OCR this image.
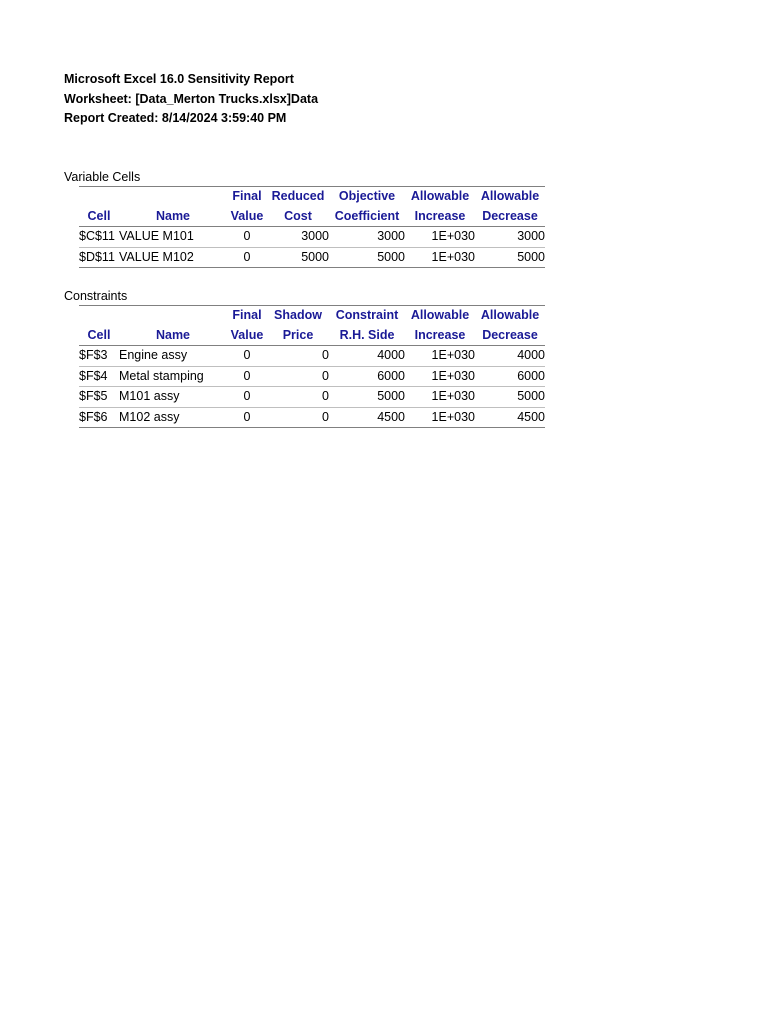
Microsoft Excel 16.0 Sensitivity Report
Worksheet: [Data_Merton Trucks.xlsx]Data
Report Created: 8/14/2024 3:59:40 PM
Variable Cells
		Final	Reduced	Objective	Allowable	Allowable
Cell	Name	Value	Cost	Coefficient	Increase	Decrease
$C$11	VALUE M101	0	3000	3000	1E+030	3000
$D$11	VALUE M102	0	5000	5000	1E+030	5000
Constraints
		Final	Shadow	Constraint	Allowable	Allowable
Cell	Name	Value	Price	R.H. Side	Increase	Decrease
$F$3	Engine assy	0	0	4000	1E+030	4000
$F$4	Metal stamping	0	0	6000	1E+030	6000
$F$5	M101 assy	0	0	5000	1E+030	5000
$F$6	M102 assy	0	0	4500	1E+030	4500
